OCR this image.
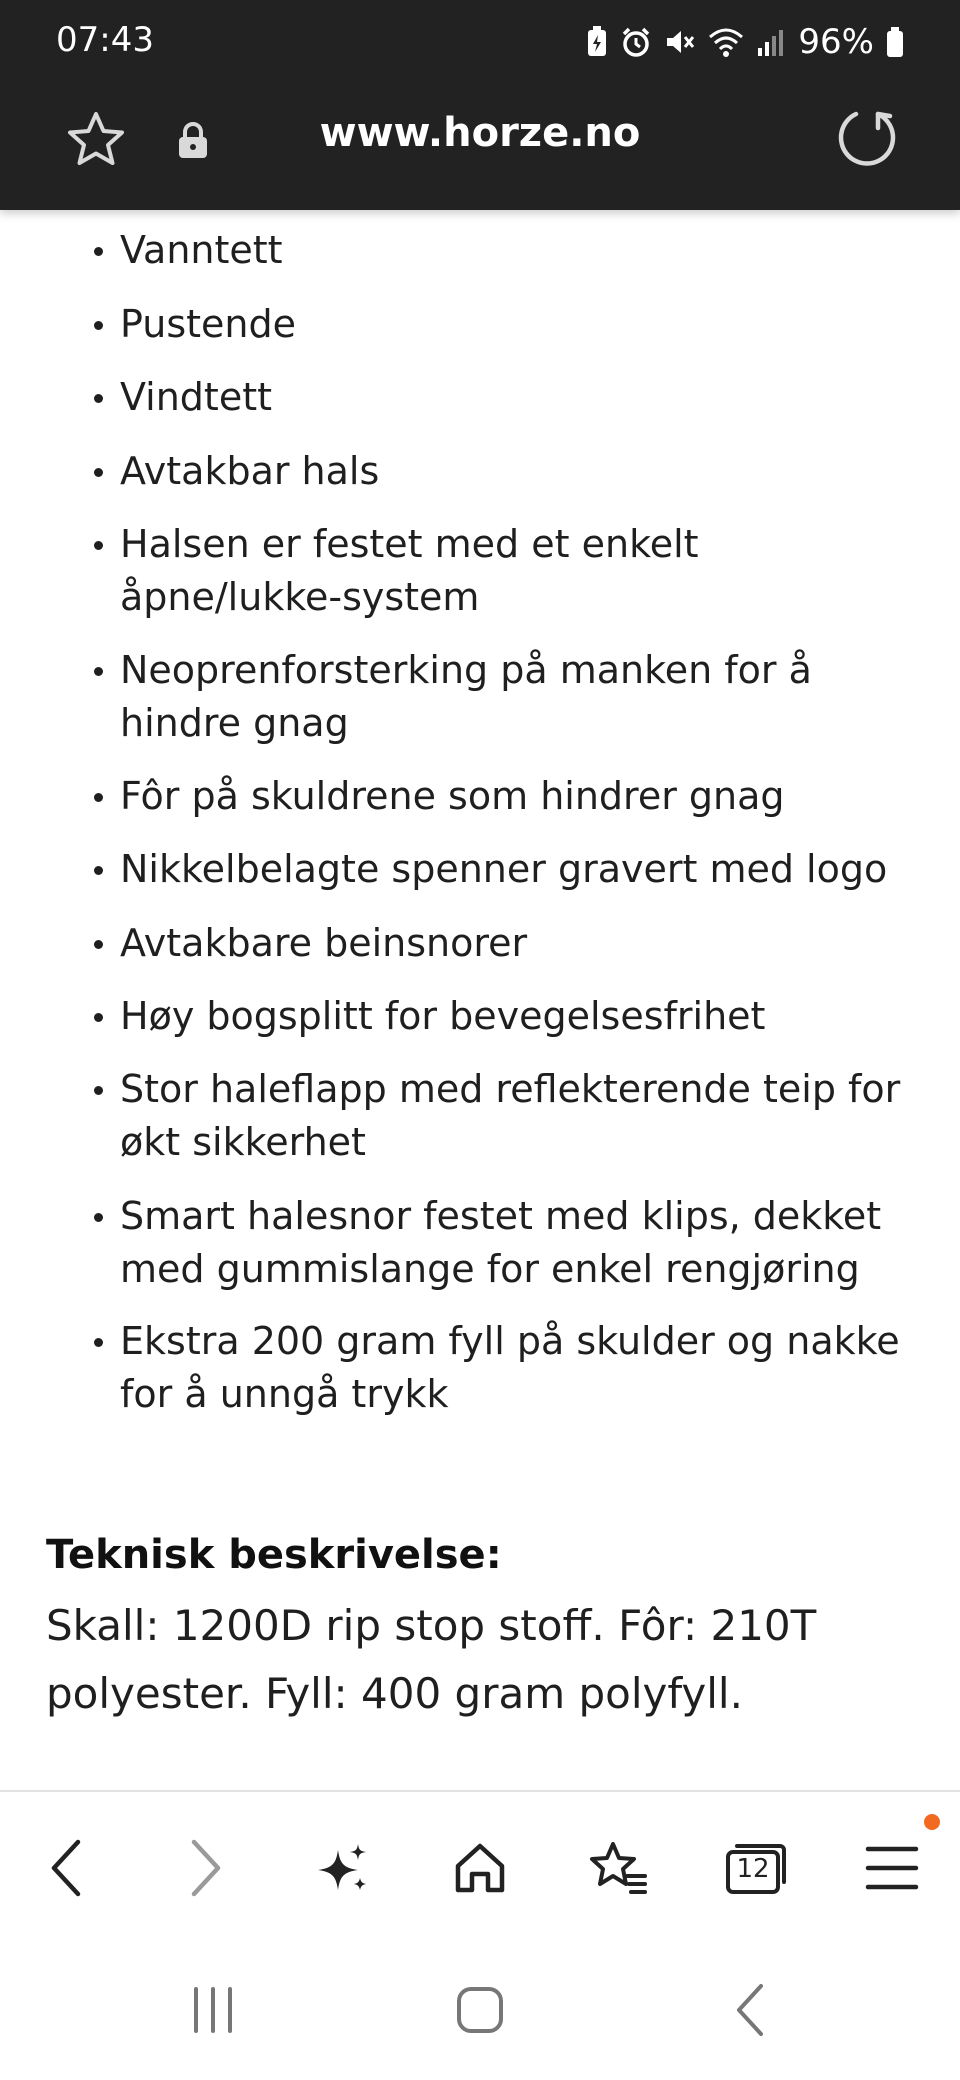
07:43	96%
www.horze.no
Vanntett
Pustende
Vindtett
Avtakbar hals
Halsen er festet med et enkelt åpne/lukke-system
Neoprenforsterking på manken for å hindre gnag
Fôr på skuldrene som hindrer gnag
Nikkelbelagte spenner gravert med logo
Avtakbare beinsnorer
Høy bogsplitt for bevegelsesfrihet
Stor haleflapp med reflekterende teip for økt sikkerhet
Smart halesnor festet med klips, dekket med gummislange for enkel rengjøring
Ekstra 200 gram fyll på skulder og nakke for å unngå trykk
Teknisk beskrivelse:
Skall: 1200D rip stop stoff. Fôr: 210T polyester. Fyll: 400 gram polyfyll.
12
